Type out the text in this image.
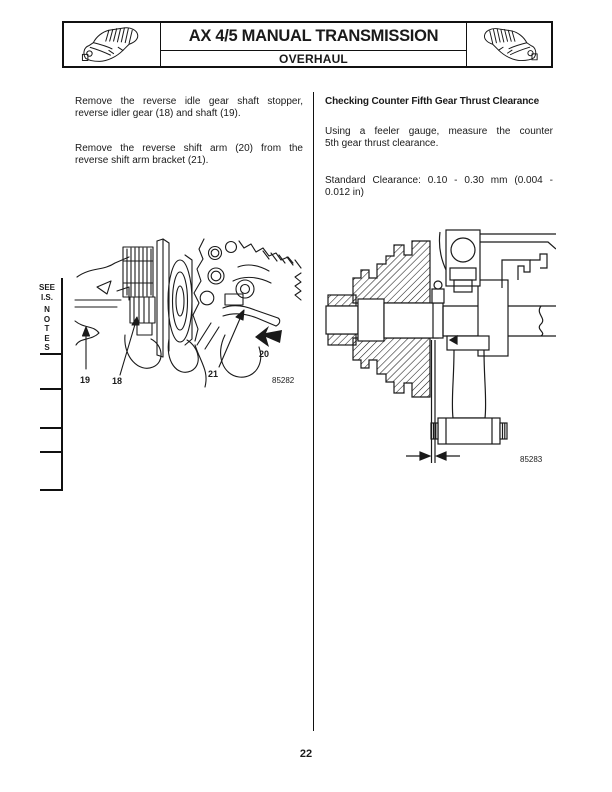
AX 4/5 MANUAL TRANSMISSION
OVERHAUL
SEE
I.S.
N
O
T
E
S
Remove the reverse idle gear shaft stopper,
reverse idler gear (18) and shaft (19).
Remove the reverse shift arm (20) from the
reverse shift arm bracket (21).
19 18
21
20
85282
Checking Counter Fifth Gear Thrust Clearance
Using a feeler gauge, measure the counter
5th gear thrust clearance.
Standard Clearance: 0.10 - 0.30 mm (0.004 -
0.012 in)
85283
22
